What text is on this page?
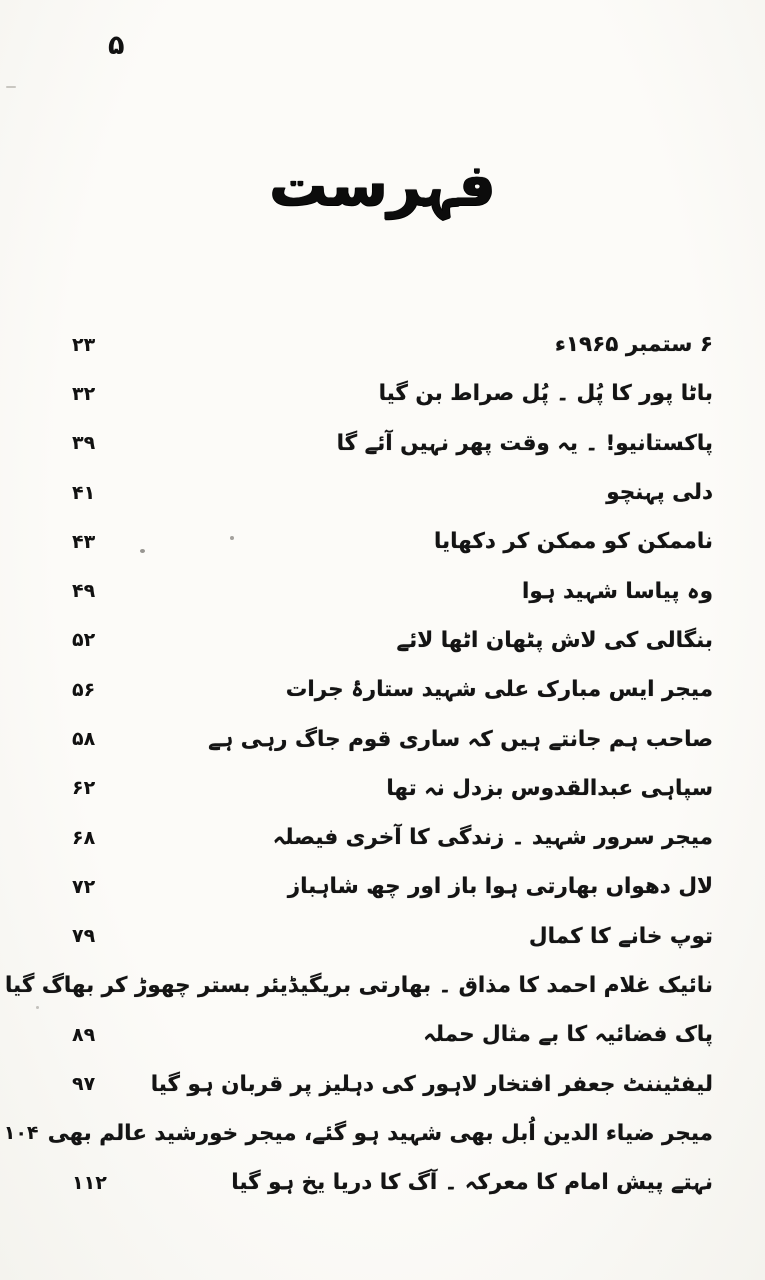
۵
فہرست
۶ ستمبر ۱۹۶۵ء
۲۳
باٹا پور کا پُل ۔ پُل صراط بن گیا
۳۲
پاکستانیو! ۔ یہ وقت پھر نہیں آئے گا
۳۹
دلی پہنچو
۴۱
ناممکن کو ممکن کر دکھایا
۴۳
وہ پیاسا شہید ہوا
۴۹
بنگالی کی لاش پٹھان اٹھا لائے
۵۲
میجر ایس مبارک علی شہید ستارۂ جرات
۵۶
صاحب ہم جانتے ہیں کہ ساری قوم جاگ رہی ہے
۵۸
سپاہی عبدالقدوس بزدل نہ تھا
۶۲
میجر سرور شہید ۔ زندگی کا آخری فیصلہ
۶۸
لال دھواں بھارتی ہوا باز اور چھ شاہباز
۷۲
توپ خانے کا کمال
۷۹
نائیک غلام احمد کا مذاق ۔ بھارتی بریگیڈیئر بستر چھوڑ کر بھاگ گیا
پاک فضائیہ کا بے مثال حملہ
۸۹
لیفٹیننٹ جعفر افتخار لاہور کی دہلیز پر قربان ہو گیا
۹۷
میجر ضیاء الدین اُبل بھی شہید ہو گئے، میجر خورشید عالم بھی
۱۰۴
نہتے پیش امام کا معرکہ ۔ آگ کا دریا یخ ہو گیا
۱۱۲
